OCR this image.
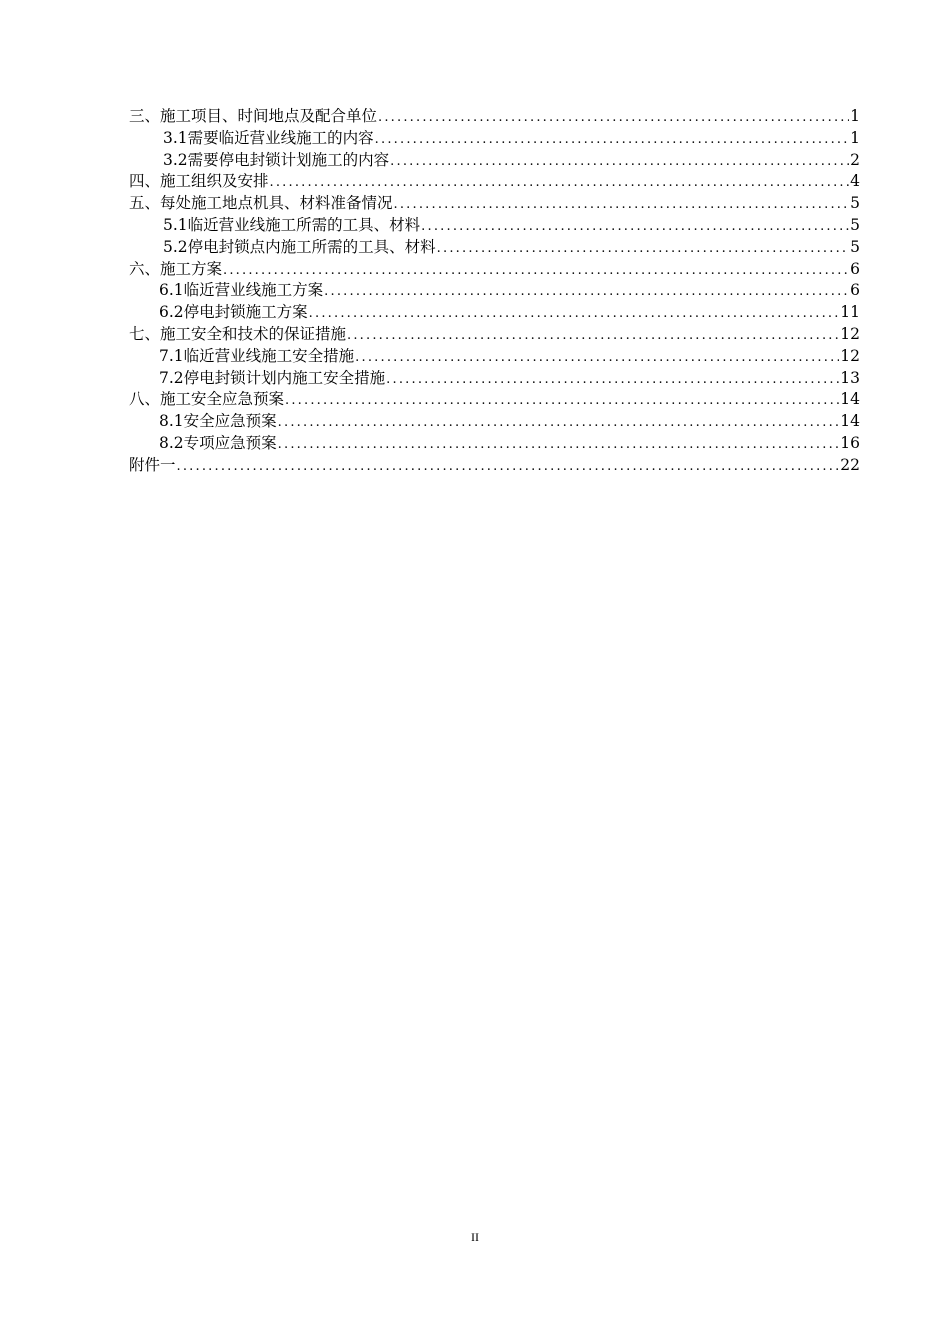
三、施工项目、时间地点及配合单位 .....	1
3.1需要临近营业线施工的内容 .....	1
3.2需要停电封锁计划施工的内容 .....	2
四、施工组织及安排 .....	4
五、每处施工地点机具、材料准备情况 .....	5
5.1临近营业线施工所需的工具、材料 .....	5
5.2停电封锁点内施工所需的工具、材料 .....	5
六、施工方案 .....	6
6.1临近营业线施工方案 .....	6
6.2停电封锁施工方案 .....	11
七、施工安全和技术的保证措施 .....	12
7.1临近营业线施工安全措施 .....	12
7.2停电封锁计划内施工安全措施 .....	13
八、施工安全应急预案 .....	14
8.1安全应急预案 .....	14
8.2专项应急预案 .....	16
附件一 .....	22
II
